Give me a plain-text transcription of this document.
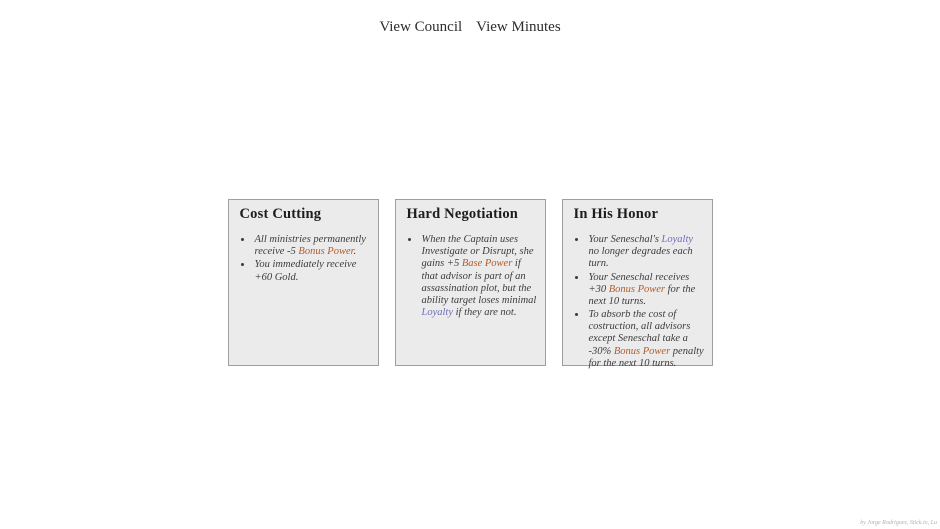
View Council View Minutes
Cost Cutting
• All ministries permanently receive -5 Bonus Power.
• You immediately receive +60 Gold.
Hard Negotiation
• When the Captain uses Investigate or Disrupt, she gains +5 Base Power if that advisor is part of an assassination plot, but the ability target loses minimal Loyalty if they are not.
In His Honor
• Your Seneschal's Loyalty no longer degrades each turn.
• Your Seneschal receives +30 Bonus Power for the next 10 turns.
• To absorb the cost of costruction, all advisors except Seneschal take a -30% Bonus Power penalty for the next 10 turns.
by Jorge Rodriguez, Stick.io, Lu
